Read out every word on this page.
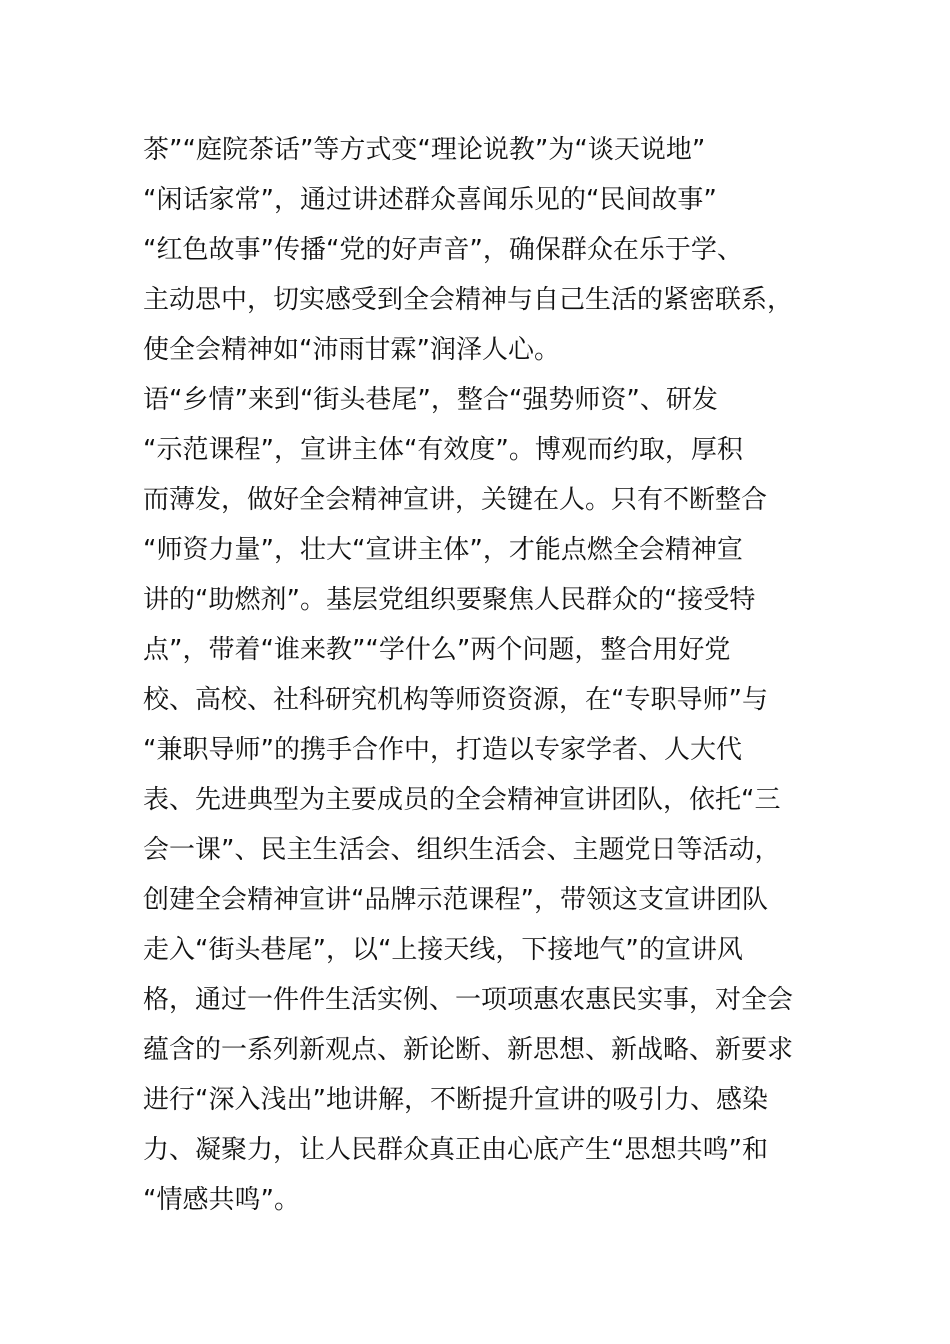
茶”“庭院茶话”等方式变“理论说教”为“谈天说地”
“闲话家常”，通过讲述群众喜闻乐见的“民间故事”
“红色故事”传播“党的好声音”，确保群众在乐于学、
主动思中，切实感受到全会精神与自己生活的紧密联系，
使全会精神如“沛雨甘霖”润泽人心。
语“乡情”来到“街头巷尾”，整合“强势师资”、研发
“示范课程”，宣讲主体“有效度”。博观而约取，厚积
而薄发，做好全会精神宣讲，关键在人。只有不断整合
“师资力量”，壮大“宣讲主体”，才能点燃全会精神宣
讲的“助燃剂”。基层党组织要聚焦人民群众的“接受特
点”，带着“谁来教”“学什么”两个问题，整合用好党
校、高校、社科研究机构等师资资源，在“专职导师”与
“兼职导师”的携手合作中，打造以专家学者、人大代
表、先进典型为主要成员的全会精神宣讲团队，依托“三
会一课”、民主生活会、组织生活会、主题党日等活动，
创建全会精神宣讲“品牌示范课程”，带领这支宣讲团队
走入“街头巷尾”，以“上接天线，下接地气”的宣讲风
格，通过一件件生活实例、一项项惠农惠民实事，对全会
蕴含的一系列新观点、新论断、新思想、新战略、新要求
进行“深入浅出”地讲解，不断提升宣讲的吸引力、感染
力、凝聚力，让人民群众真正由心底产生“思想共鸣”和
“情感共鸣”。
